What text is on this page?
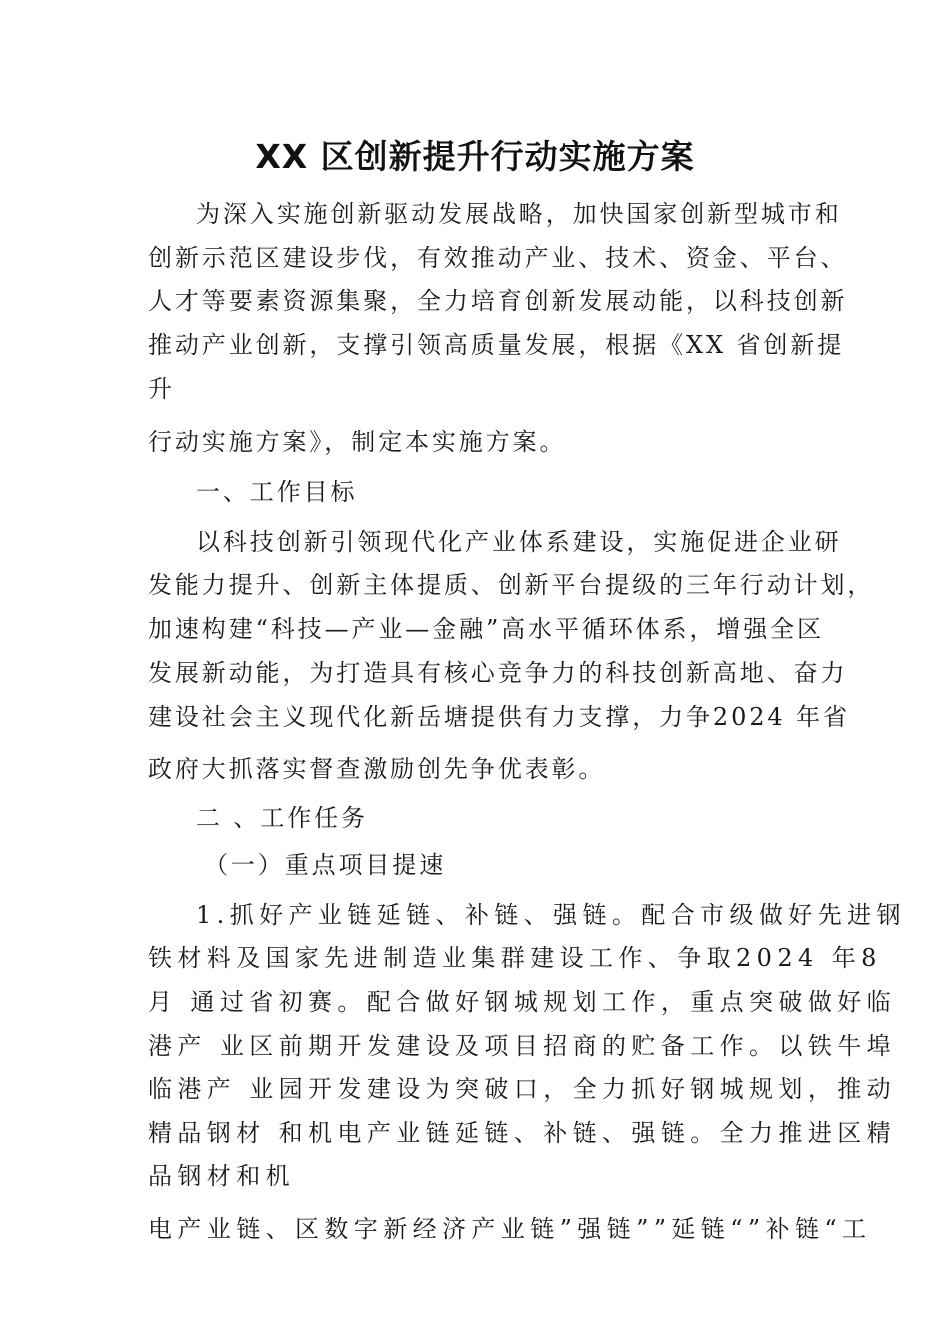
XX 区创新提升行动实施方案
为深入实施创新驱动发展战略，加快国家创新型城市和
创新示范区建设步伐，有效推动产业、技术、资金、平台、
人才等要素资源集聚，全力培育创新发展动能，以科技创新
推动产业创新，支撑引领高质量发展，根据《XX 省创新提
升
行动实施方案》，制定本实施方案。
一、工作目标
以科技创新引领现代化产业体系建设，实施促进企业研
发能力提升、创新主体提质、创新平台提级的三年行动计划，
加速构建“科技—产业—金融”高水平循环体系，增强全区
发展新动能，为打造具有核心竞争力的科技创新高地、奋力
建设社会主义现代化新岳塘提供有力支撑，力争2024 年省
政府大抓落实督查激励创先争优表彰。
二 、工作任务
（一）重点项目提速
1.抓好产业链延链、补链、强链。配合市级做好先进钢
铁材料及国家先进制造业集群建设工作、争取2024 年8
月 通过省初赛。配合做好钢城规划工作，重点突破做好临
港产 业区前期开发建设及项目招商的贮备工作。以铁牛埠
临港产 业园开发建设为突破口，全力抓好钢城规划，推动
精品钢材 和机电产业链延链、补链、强链。全力推进区精
品钢材和机
电产业链、区数字新经济产业链”强链””延链“”补链“工
